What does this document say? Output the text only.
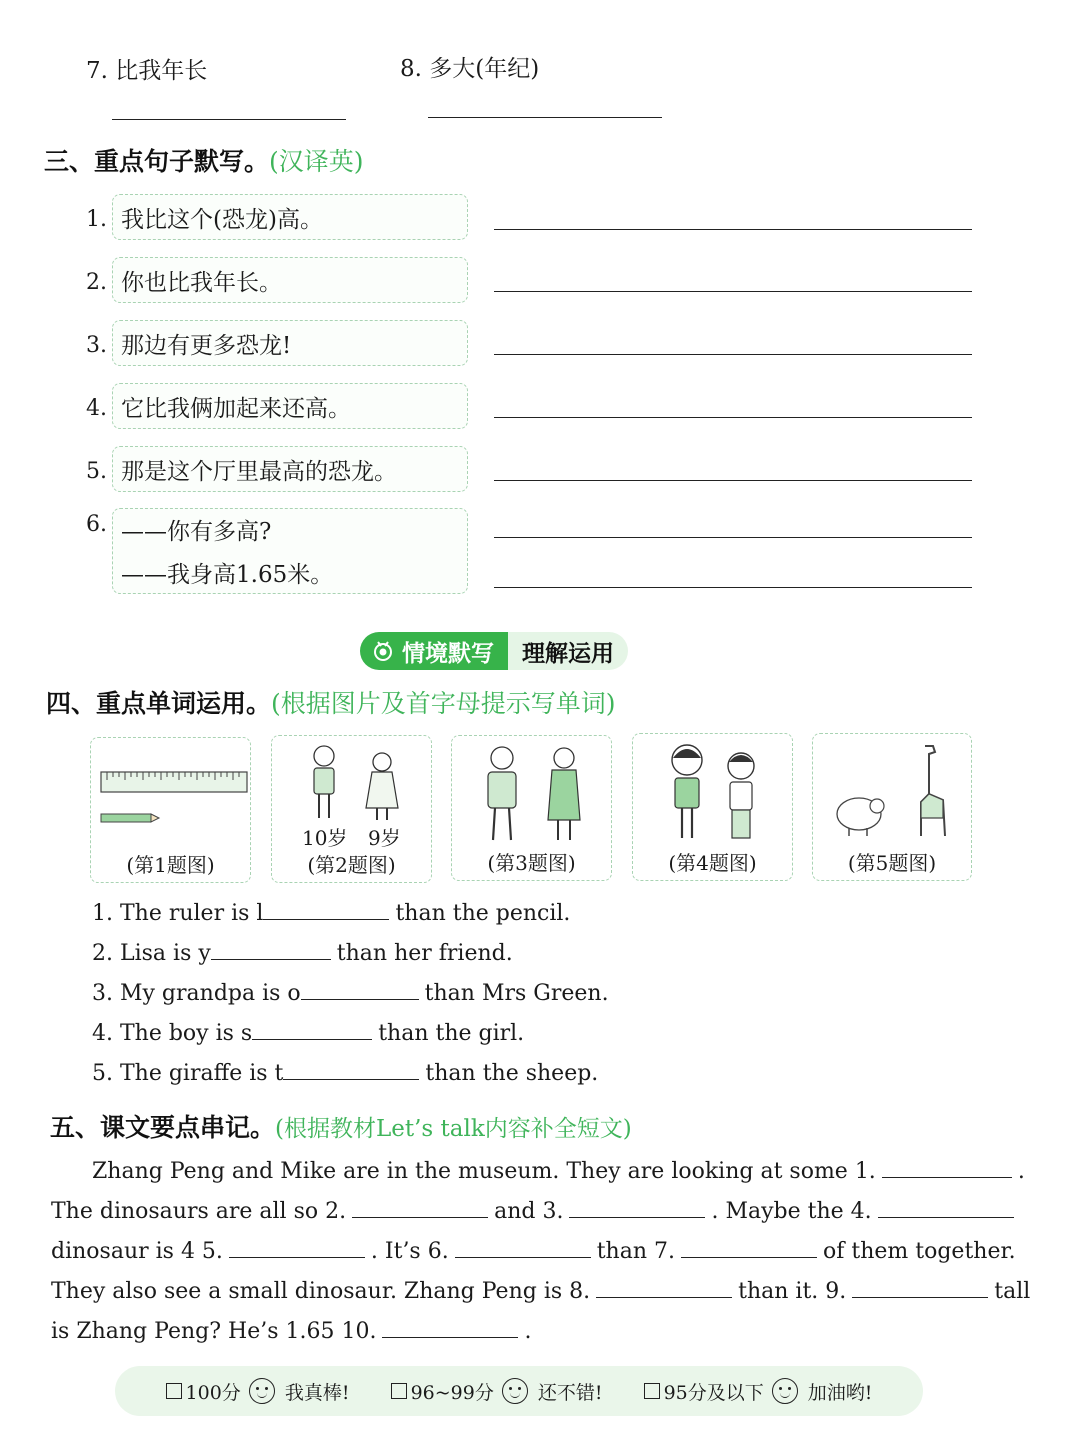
7. 比我年长	8. 多大(年纪)
三、重点句子默写。(汉译英)
1. 我比这个(恐龙)高。
2. 你也比我年长。
3. 那边有更多恐龙!
4. 它比我俩加起来还高。
5. 那是这个厅里最高的恐龙。
6. ——你有多高?
——我身高1.65米。
情境默写 理解运用
四、重点单词运用。(根据图片及首字母提示写单词)
(第1题图)
10岁 9岁
(第2题图)	(第3题图)	(第4题图)	(第5题图)
1. The ruler is l	than the pencil.
2. Lisa is y	than her friend.
3. My grandpa is o	than Mrs Green.
4. The boy is s	than the girl.
5. The giraffe is t	than the sheep.
五、课文要点串记。(根据教材Let’s talk内容补全短文)
Zhang Peng and Mike are in the museum. They are looking at some 1.	.
The dinosaurs are all so 2.	and 3.	. Maybe the 4.
dinosaur is 4 5.	. It’s 6.	than 7.	of them together.
They also see a small dinosaur. Zhang Peng is 8.	than it. 9.	tall
is Zhang Peng? He’s 1.65 10.	.
100分 我真棒!	96~99分 还不错!	95分及以下 加油哟!
